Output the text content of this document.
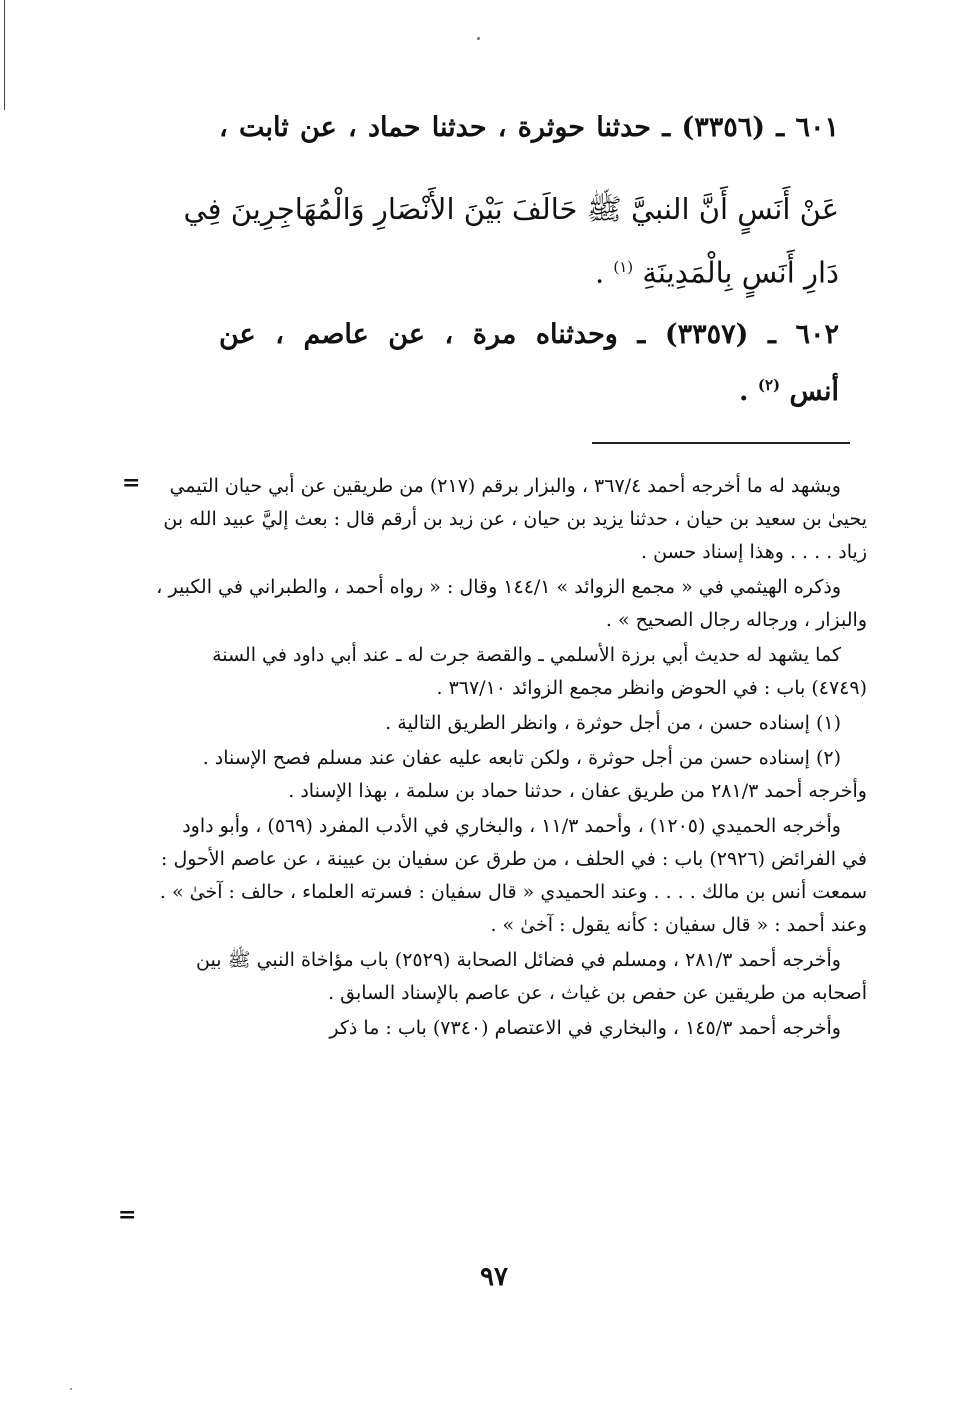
٦٠١ ـ (٣٣٥٦) ـ حدثنا حوثرة ، حدثنا حماد ، عن ثابت ،
عَنْ أَنَسٍ أَنَّ النبيَّ ﷺ حَالَفَ بَيْنَ الأَنْصَارِ وَالْمُهَاجِرِينَ فِي
دَارِ أَنَسٍ بِالْمَدِينَةِ $^{(١)}$ .
٦٠٢ ـ (٣٣٥٧) ـ وحدثناه مرة ، عن عاصم ، عن
أنس $^{(٢)}$ .
=	ويشهد له ما أخرجه أحمد ٣٦٧/٤ ، والبزار برقم (٢١٧) من طريقين عن أبي حيان التيمي يحيىٰ بن سعيد بن حيان ، حدثنا يزيد بن حيان ، عن زيد بن أرقم قال : بعث إليَّ عبيد الله بن زياد . . . . وهذا إسناد حسن .

وذكره الهيثمي في « مجمع الزوائد » ١٤٤/١ وقال : « رواه أحمد ، والطبراني في الكبير ، والبزار ، ورجاله رجال الصحيح » .

كما يشهد له حديث أبي برزة الأسلمي ـ والقصة جرت له ـ عند أبي داود في السنة (٤٧٤٩) باب : في الحوض وانظر مجمع الزوائد ٣٦٧/١٠ .

(١) إسناده حسن ، من أجل حوثرة ، وانظر الطريق التالية .

(٢) إسناده حسن من أجل حوثرة ، ولكن تابعه عليه عفان عند مسلم فصح الإسناد . وأخرجه أحمد ٢٨١/٣ من طريق عفان ، حدثنا حماد بن سلمة ، بهذا الإسناد .

وأخرجه الحميدي (١٢٠٥) ، وأحمد ١١/٣ ، والبخاري في الأدب المفرد (٥٦٩) ، وأبو داود في الفرائض (٢٩٢٦) باب : في الحلف ، من طرق عن سفيان بن عيينة ، عن عاصم الأحول : سمعت أنس بن مالك . . . . وعند الحميدي « قال سفيان : فسرته العلماء ، حالف : آخىٰ » . وعند أحمد : « قال سفيان : كأنه يقول : آخىٰ » .

وأخرجه أحمد ٢٨١/٣ ، ومسلم في فضائل الصحابة (٢٥٢٩) باب مؤاخاة النبي ﷺ بين أصحابه من طريقين عن حفص بن غياث ، عن عاصم بالإسناد السابق .

وأخرجه أحمد ١٤٥/٣ ، والبخاري في الاعتصام (٧٣٤٠) باب : ما ذكر

=
٩٧
